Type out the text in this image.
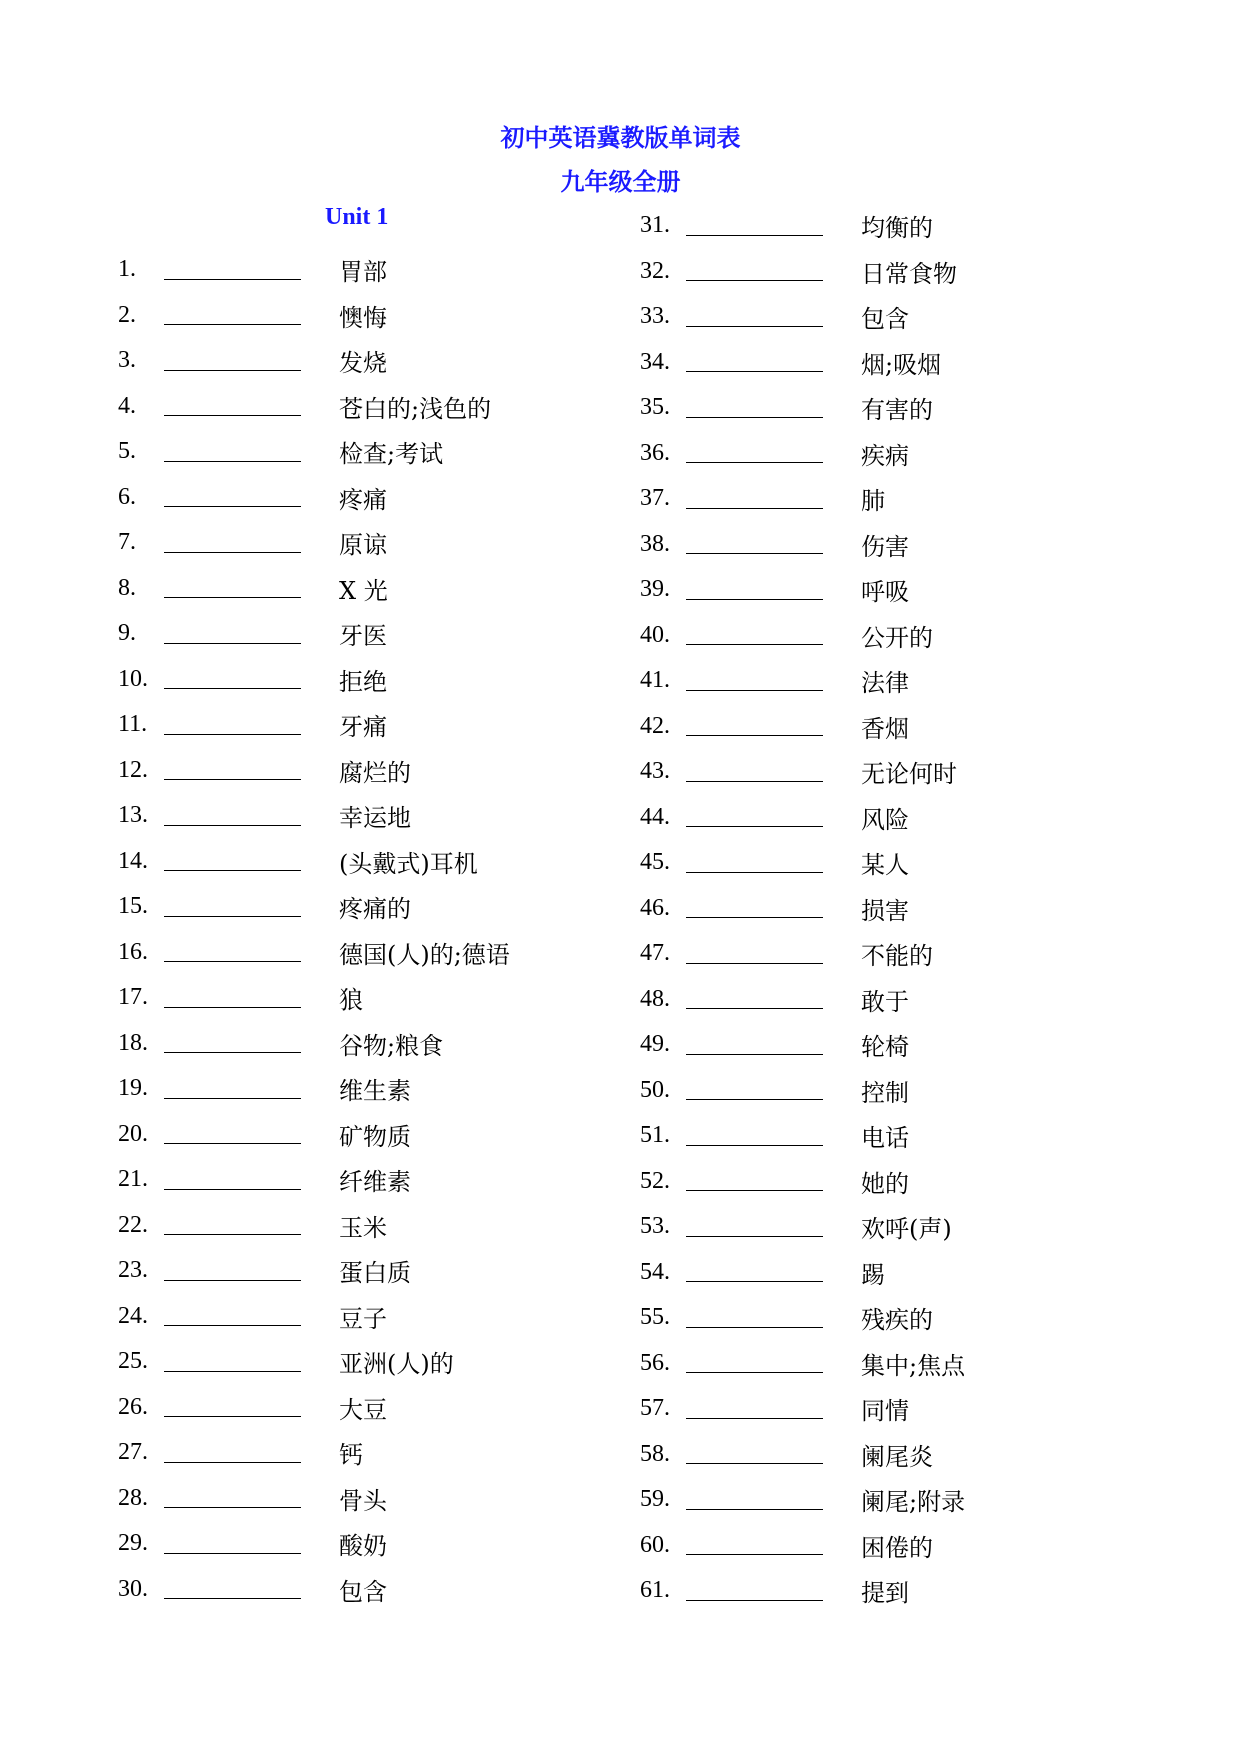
初中英语冀教版单词表
九年级全册
Unit 1
1.	胃部
2.	懊悔
3.	发烧
4.	苍白的;浅色的
5.	检查;考试
6.	疼痛
7.	原谅
8.	X 光
9.	牙医
10.	拒绝
11.	牙痛
12.	腐烂的
13.	幸运地
14.	(头戴式)耳机
15.	疼痛的
16.	德国(人)的;德语
17.	狼
18.	谷物;粮食
19.	维生素
20.	矿物质
21.	纤维素
22.	玉米
23.	蛋白质
24.	豆子
25.	亚洲(人)的
26.	大豆
27.	钙
28.	骨头
29.	酸奶
30.	包含
31.	均衡的
32.	日常食物
33.	包含
34.	烟;吸烟
35.	有害的
36.	疾病
37.	肺
38.	伤害
39.	呼吸
40.	公开的
41.	法律
42.	香烟
43.	无论何时
44.	风险
45.	某人
46.	损害
47.	不能的
48.	敢于
49.	轮椅
50.	控制
51.	电话
52.	她的
53.	欢呼(声)
54.	踢
55.	残疾的
56.	集中;焦点
57.	同情
58.	阑尾炎
59.	阑尾;附录
60.	困倦的
61.	提到
